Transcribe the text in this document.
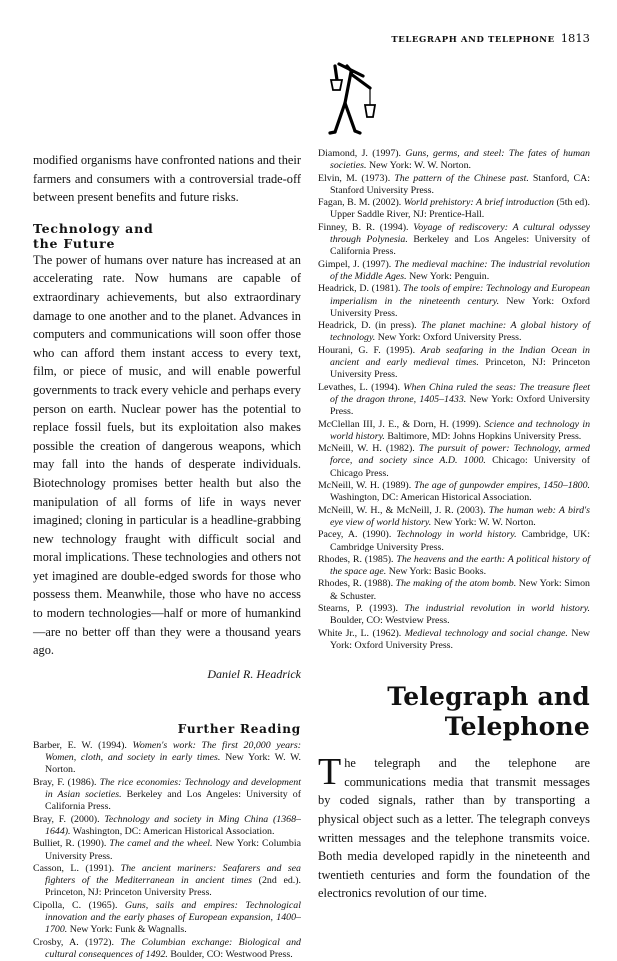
modified organisms have confronted nations and their farmers and consumers with a controversial trade-off between present benefits and future risks.
Technology and
the Future
The power of humans over nature has increased at an accelerating rate. Now humans are capable of extraordinary achievements, but also extraordinary damage to one another and to the planet. Advances in computers and communications will soon offer those who can afford them instant access to every text, film, or piece of music, and will enable powerful governments to track every vehicle and perhaps every person on earth. Nuclear power has the potential to replace fossil fuels, but its exploitation also makes possible the creation of dangerous weapons, which may fall into the hands of desperate individuals. Biotechnology promises better health but also the manipulation of all forms of life in ways never imagined; cloning in particular is a headline-grabbing new technology fraught with difficult social and moral implications. These technologies and others not yet imagined are double-edged swords for those who possess them. Meanwhile, those who have no access to modern technologies—half or more of humankind—are no better off than they were a thousand years ago.
Daniel R. Headrick
Further Reading

Barber, E. W. (1994). Women's work: The first 20,000 years: Women, cloth, and society in early times. New York: W. W. Norton.

Bray, F. (1986). The rice economies: Technology and development in Asian societies. Berkeley and Los Angeles: University of California Press.

Bray, F. (2000). Technology and society in Ming China (1368–1644). Washington, DC: American Historical Association.

Bulliet, R. (1990). The camel and the wheel. New York: Columbia University Press.

Casson, L. (1991). The ancient mariners: Seafarers and sea fighters of the Mediterranean in ancient times (2nd ed.). Princeton, NJ: Princeton University Press.

Cipolla, C. (1965). Guns, sails and empires: Technological innovation and the early phases of European expansion, 1400–1700. New York: Funk & Wagnalls.

Crosby, A. (1972). The Columbian exchange: Biological and cultural consequences of 1492. Boulder, CO: Westwood Press.

TELEGRAPH AND TELEPHONE 1813

Diamond, J. (1997). Guns, germs, and steel: The fates of human societies. New York: W. W. Norton.

Elvin, M. (1973). The pattern of the Chinese past. Stanford, CA: Stanford University Press.

Fagan, B. M. (2002). World prehistory: A brief introduction (5th ed). Upper Saddle River, NJ: Prentice-Hall.

Finney, B. R. (1994). Voyage of rediscovery: A cultural odyssey through Polynesia. Berkeley and Los Angeles: University of California Press.

Gimpel, J. (1997). The medieval machine: The industrial revolution of the Middle Ages. New York: Penguin.

Headrick, D. (1981). The tools of empire: Technology and European imperialism in the nineteenth century. New York: Oxford University Press.

Headrick, D. (in press). The planet machine: A global history of technology. New York: Oxford University Press.

Hourani, G. F. (1995). Arab seafaring in the Indian Ocean in ancient and early medieval times. Princeton, NJ: Princeton University Press.

Levathes, L. (1994). When China ruled the seas: The treasure fleet of the dragon throne, 1405–1433. New York: Oxford University Press.

McClellan III, J. E., & Dorn, H. (1999). Science and technology in world history. Baltimore, MD: Johns Hopkins University Press.

McNeill, W. H. (1982). The pursuit of power: Technology, armed force, and society since A.D. 1000. Chicago: University of Chicago Press.

McNeill, W. H. (1989). The age of gunpowder empires, 1450–1800. Washington, DC: American Historical Association.

McNeill, W. H., & McNeill, J. R. (2003). The human web: A bird's eye view of world history. New York: W. W. Norton.

Pacey, A. (1990). Technology in world history. Cambridge, UK: Cambridge University Press.

Rhodes, R. (1985). The heavens and the earth: A political history of the space age. New York: Basic Books.

Rhodes, R. (1988). The making of the atom bomb. New York: Simon & Schuster.

Stearns, P. (1993). The industrial revolution in world history. Boulder, CO: Westview Press.

White Jr., L. (1962). Medieval technology and social change. New York: Oxford University Press.

Telegraph and
Telephone
The telegraph and the telephone are communications media that transmit messages by coded signals, rather than by transporting a physical object such as a letter. The telegraph conveys written messages and the telephone transmits voice. Both media developed rapidly in the nineteenth and twentieth centuries and form the foundation of the electronics revolution of our time.
